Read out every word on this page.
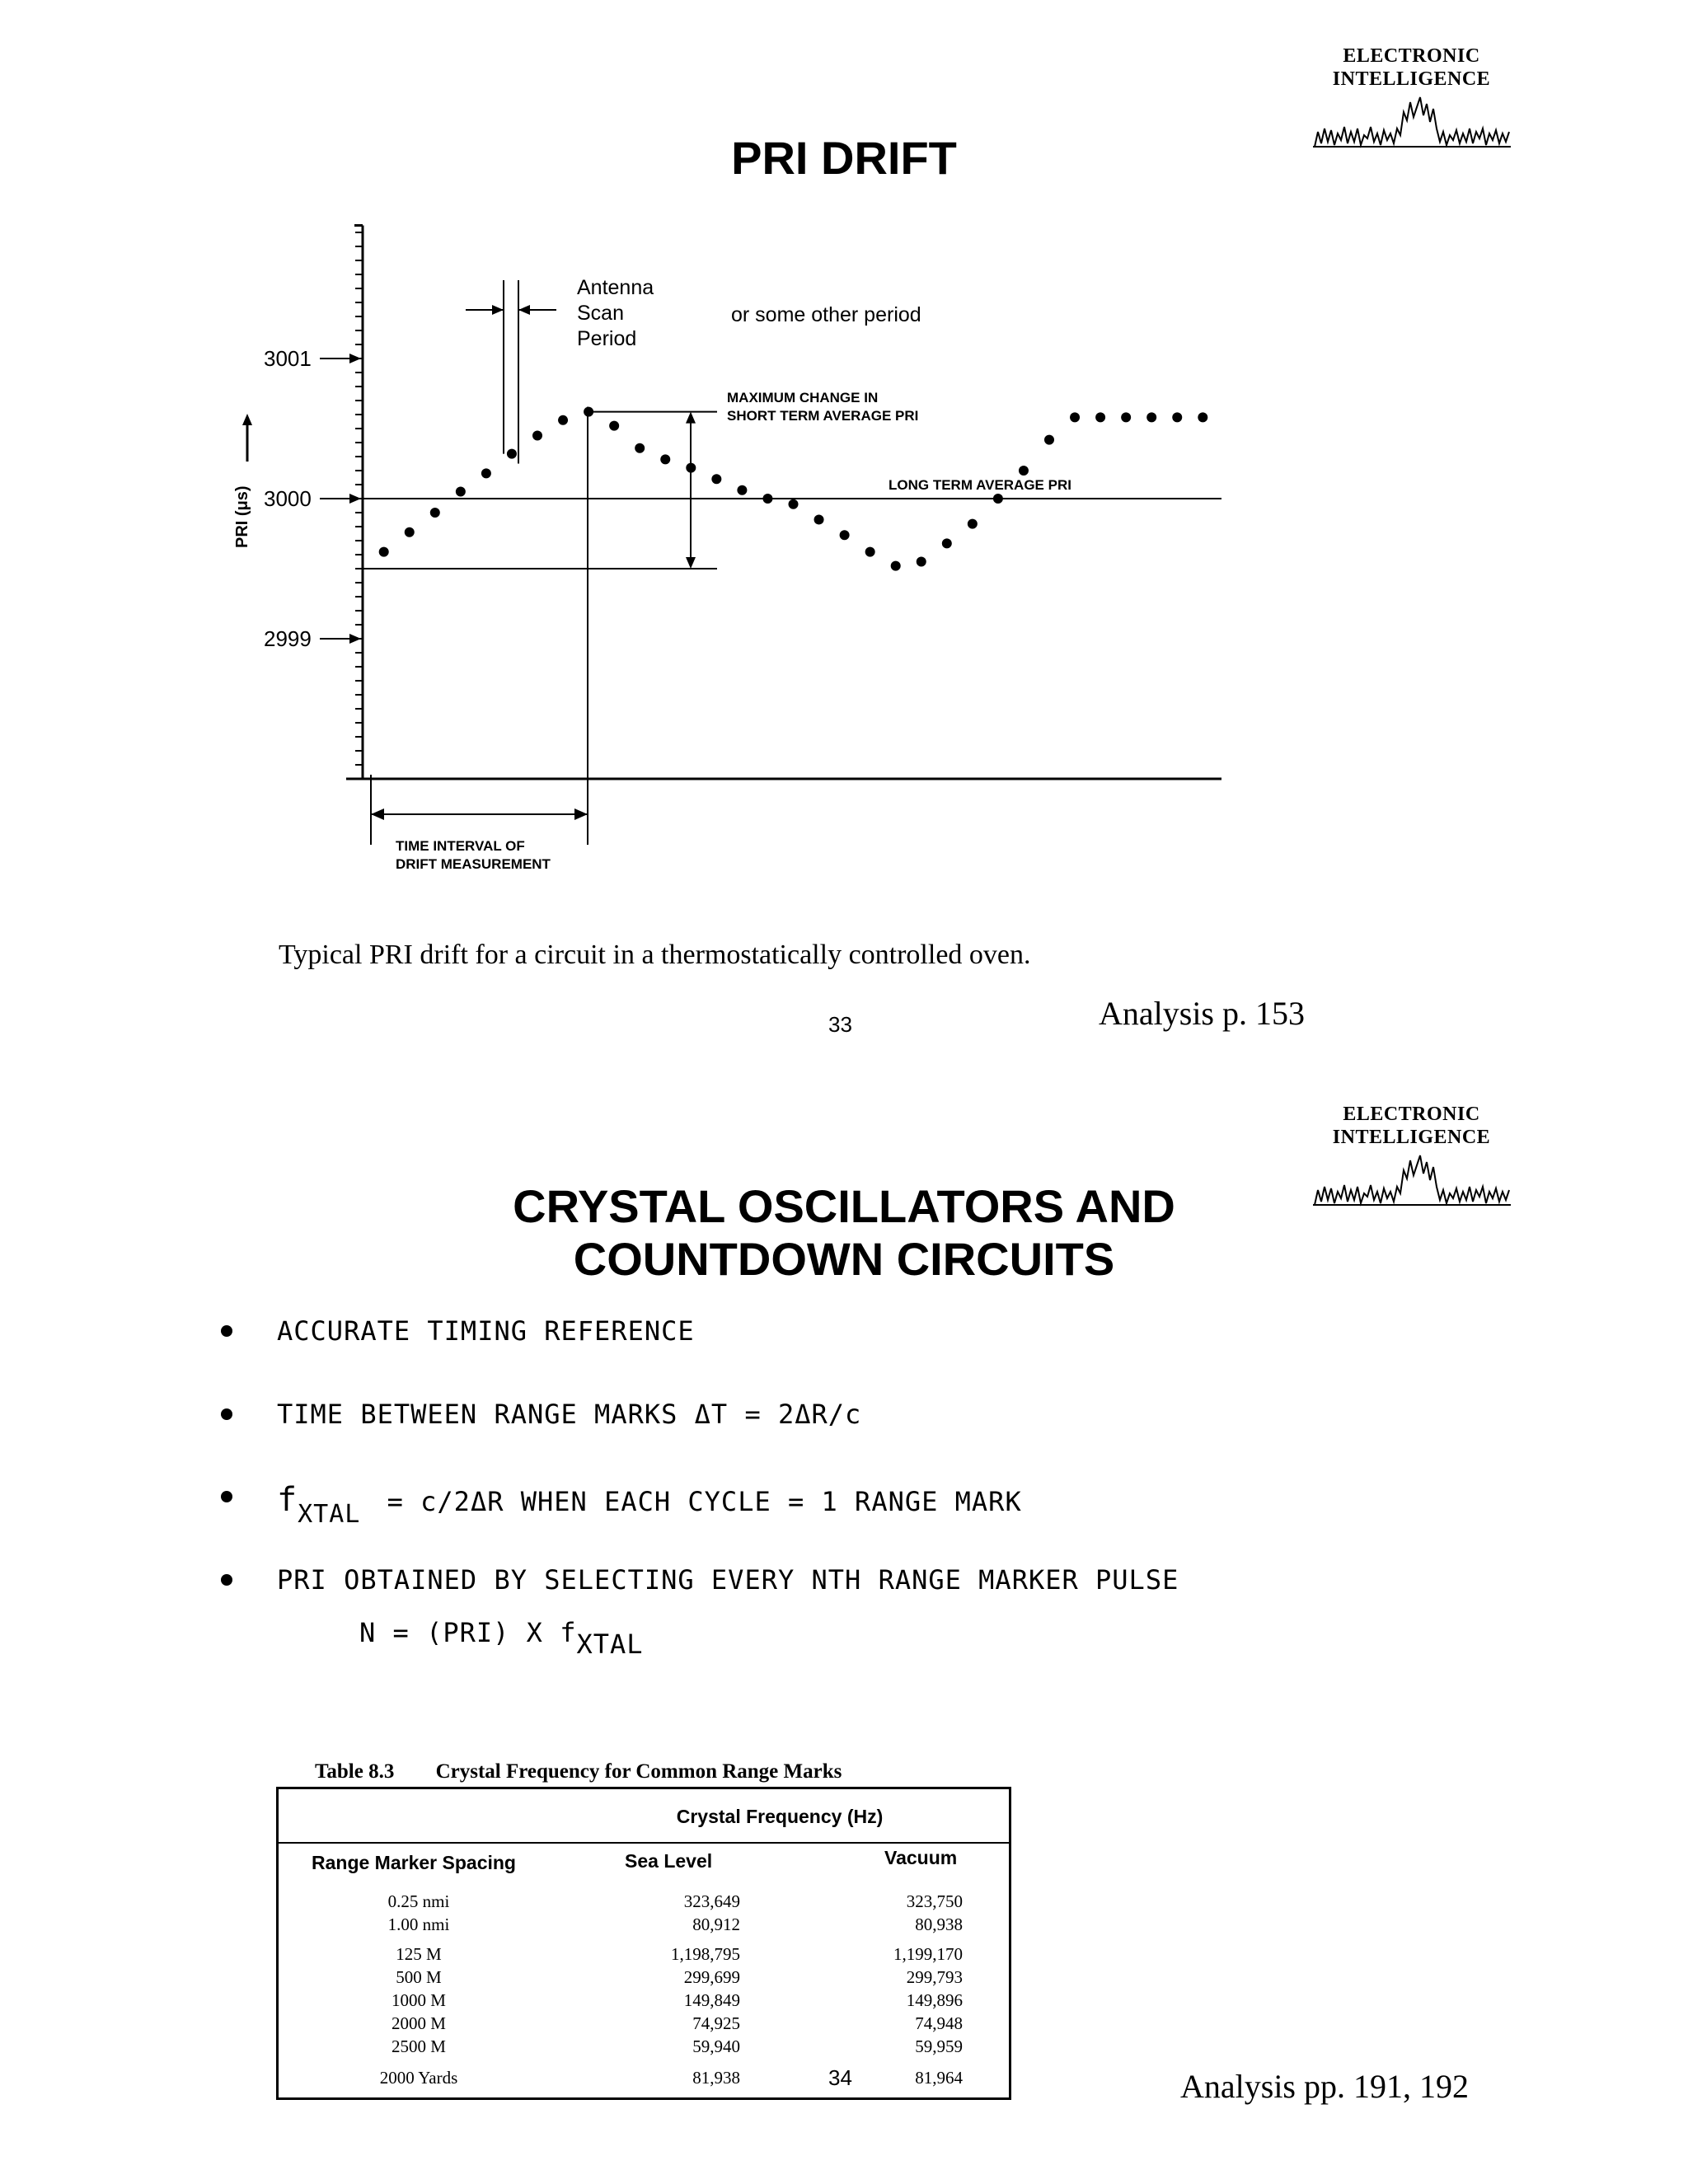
ELECTRONIC
INTELLIGENCE
PRI DRIFT
PRI (μs)
3001
3000
2999
Antenna
Scan
Period
or some other period
MAXIMUM CHANGE IN
SHORT TERM AVERAGE PRI
LONG TERM AVERAGE PRI
TIME INTERVAL OF
DRIFT MEASUREMENT
Typical PRI drift for a circuit in a thermostatically controlled oven.
33	Analysis p. 153
ELECTRONIC
INTELLIGENCE
CRYSTAL OSCILLATORS AND
COUNTDOWN CIRCUITS
ACCURATE TIMING REFERENCE
TIME BETWEEN RANGE MARKS ΔT = 2ΔR/c
fXTAL = c/2ΔR WHEN EACH CYCLE = 1 RANGE MARK
PRI OBTAINED BY SELECTING EVERY NTH RANGE MARKER PULSE
N = (PRI) X fXTAL
Table 8.3 Crystal Frequency for Common Range Marks
Crystal Frequency (Hz)
Range Marker Spacing	Sea Level	Vacuum
0.25 nmi	323,649	323,750
1.00 nmi	80,912	80,938
125 M	1,198,795	1,199,170
500 M	299,699	299,793
1000 M	149,849	149,896
2000 M	74,925	74,948
2500 M	59,940	59,959
2000 Yards	81,938	81,964
34	Analysis pp. 191, 192
